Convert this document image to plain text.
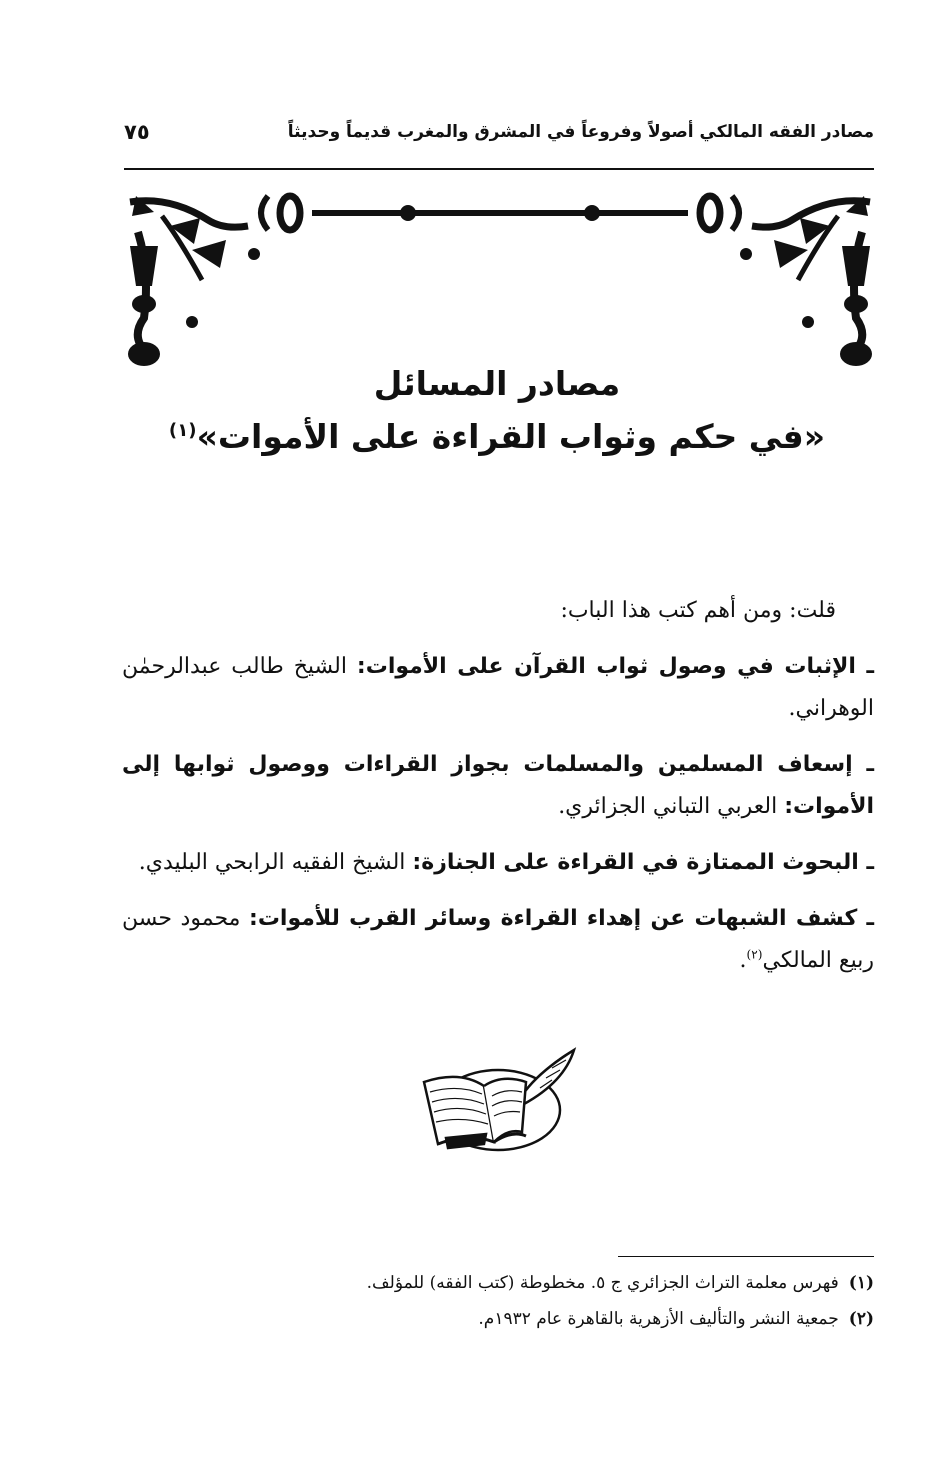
مصادر الفقه المالكي أصولاً وفروعاً في المشرق والمغرب قديماً وحديثاً
٧٥
مصادر المسائل
«في حكم وثواب القراءة على الأموات»$^{(١)}$

قلت: ومن أهم كتب هذا الباب:

ـ الإثبات في وصول ثواب القرآن على الأموات: الشيخ طالب عبدالرحمٰن الوهراني.

ـ إسعاف المسلمين والمسلمات بجواز القراءات ووصول ثوابها إلى الأموات: العربي التباني الجزائري.

ـ البحوث الممتازة في القراءة على الجنازة: الشيخ الفقيه الرابحي البليدي.

ـ كشف الشبهات عن إهداء القراءة وسائر القرب للأموات: محمود حسن ربيع المالكي$^{(٢)}$.

(١)فهرس معلمة التراث الجزائري ج ٥. مخطوطة (كتب الفقه) للمؤلف.

(٢)جمعية النشر والتأليف الأزهرية بالقاهرة عام ١٩٣٢م.
